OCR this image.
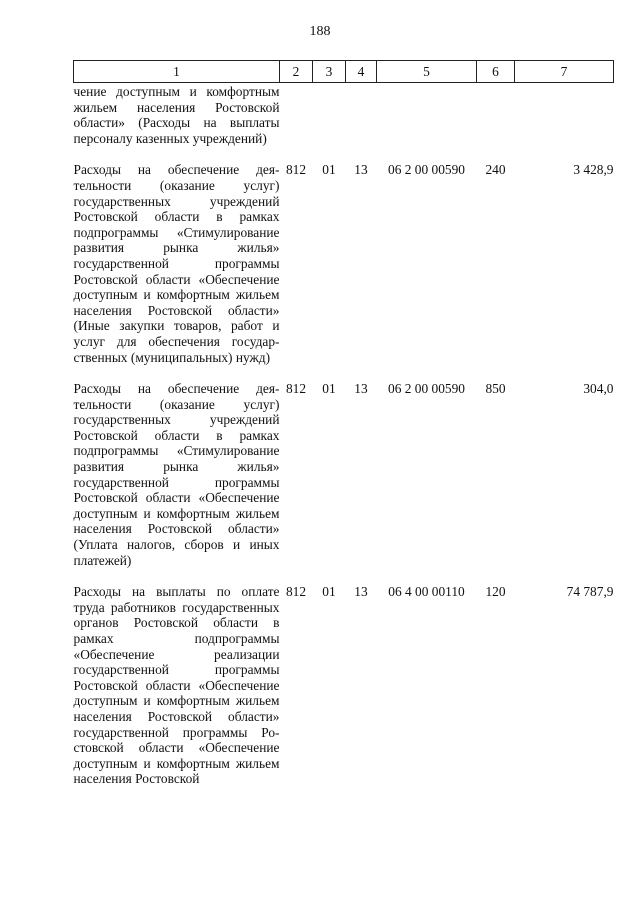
188
1	2	3	4	5	6	7
чение доступным и комфортным жильем населения Ростовской области» (Расходы на выплаты персоналу казенных учреждений)						
Расходы на обеспечение деятельности (оказание услуг) государственных учреждений Ростовской области в рамках подпрограммы «Стимулирование развития рынка жилья» государственной программы Ростовской области «Обеспечение доступным и комфортным жильем населения Ростовской области» (Иные закупки товаров, работ и услуг для обеспечения государственных (муниципальных) нужд)	812	01	13	06 2 00 00590	240	3 428,9
Расходы на обеспечение деятельности (оказание услуг) государственных учреждений Ростовской области в рамках подпрограммы «Стимулирование развития рынка жилья» государственной программы Ростовской области «Обеспечение доступным и комфортным жильем населения Ростовской области» (Уплата налогов, сборов и иных платежей)	812	01	13	06 2 00 00590	850	304,0
Расходы на выплаты по оплате труда работников государственных органов Ростовской области в рамках подпрограммы «Обеспечение реализации государственной программы Ростовской области «Обеспечение доступным и комфортным жильем населения Ростовской области» государственной программы Ростовской области «Обеспечение доступным и комфортным жильем населения Ростовской	812	01	13	06 4 00 00110	120	74 787,9
